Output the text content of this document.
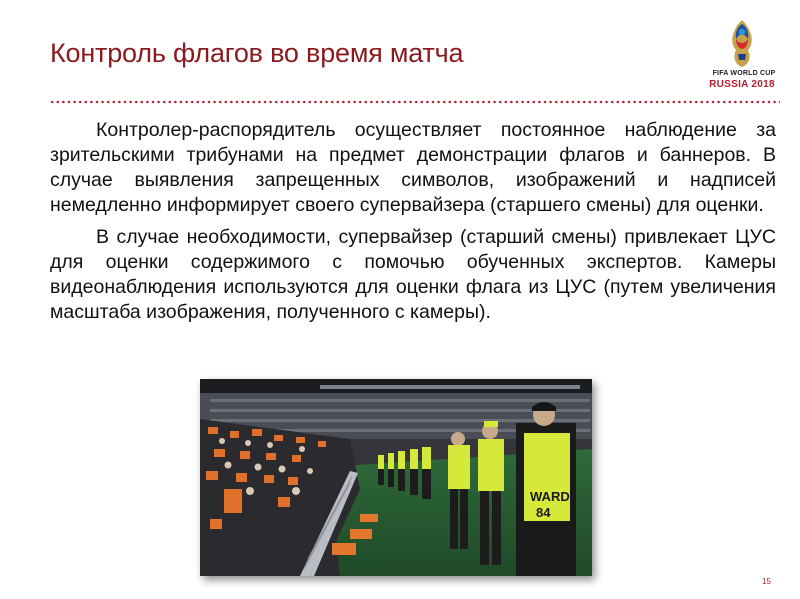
Контроль флагов во время матча
FIFA WORLD CUP
RUSSIA 2018

Контролер-распорядитель осуществляет постоянное наблюдение за зрительскими трибунами на предмет демонстрации флагов и баннеров. В случае выявления запрещенных символов, изображений и надписей немедленно информирует своего супервайзера (старшего смены) для оценки.

В случае необходимости, супервайзер (старший смены) привлекает ЦУС для оценки содержимого с помочью обученных экспертов. Камеры видеонаблюдения используются для оценки флага из ЦУС (путем увеличения масштаба изображения, полученного с камеры).

WARD
84
15
